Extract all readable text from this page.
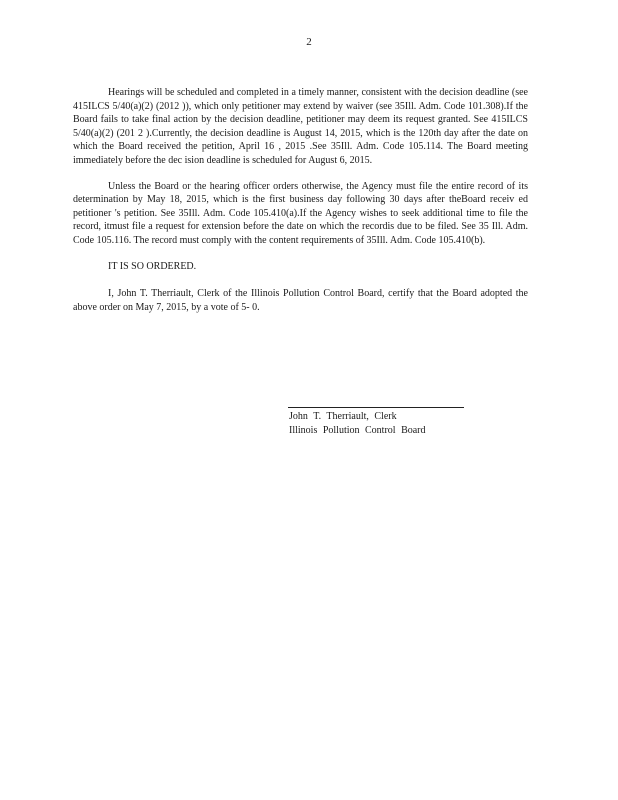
2

Hearings will be scheduled and completed in a timely manner, consistent with the decision deadline (see 415ILCS 5/40(a)(2) (2012 )), which only petitioner may extend by waiver (see 35Ill. Adm. Code 101.308).If the Board fails to take final action by the decision deadline, petitioner may deem its request granted. See 415ILCS 5/40(a)(2) (201 2 ).Currently, the decision deadline is August 14, 2015, which is the 120th day after the date on which the Board received the petition, April 16 , 2015 .See 35Ill. Adm. Code 105.114. The Board meeting immediately before the dec ision deadline is scheduled for August 6, 2015.

Unless the Board or the hearing officer orders otherwise, the Agency must file the entire record of its determination by May 18, 2015, which is the first business day following 30 days after theBoard receiv ed petitioner 's petition. See 35Ill. Adm. Code 105.410(a).If the Agency wishes to seek additional time to file the record, itmust file a request for extension before the date on which the recordis due to be filed. See 35 Ill. Adm. Code 105.116. The record must comply with the content requirements of 35Ill. Adm. Code 105.410(b).

IT IS SO ORDERED.

I, John T. Therriault, Clerk of the Illinois Pollution Control Board, certify that the Board adopted the above order on May 7, 2015, by a vote of 5- 0.

John T. Therriault, Clerk
Illinois Pollution Control Board
